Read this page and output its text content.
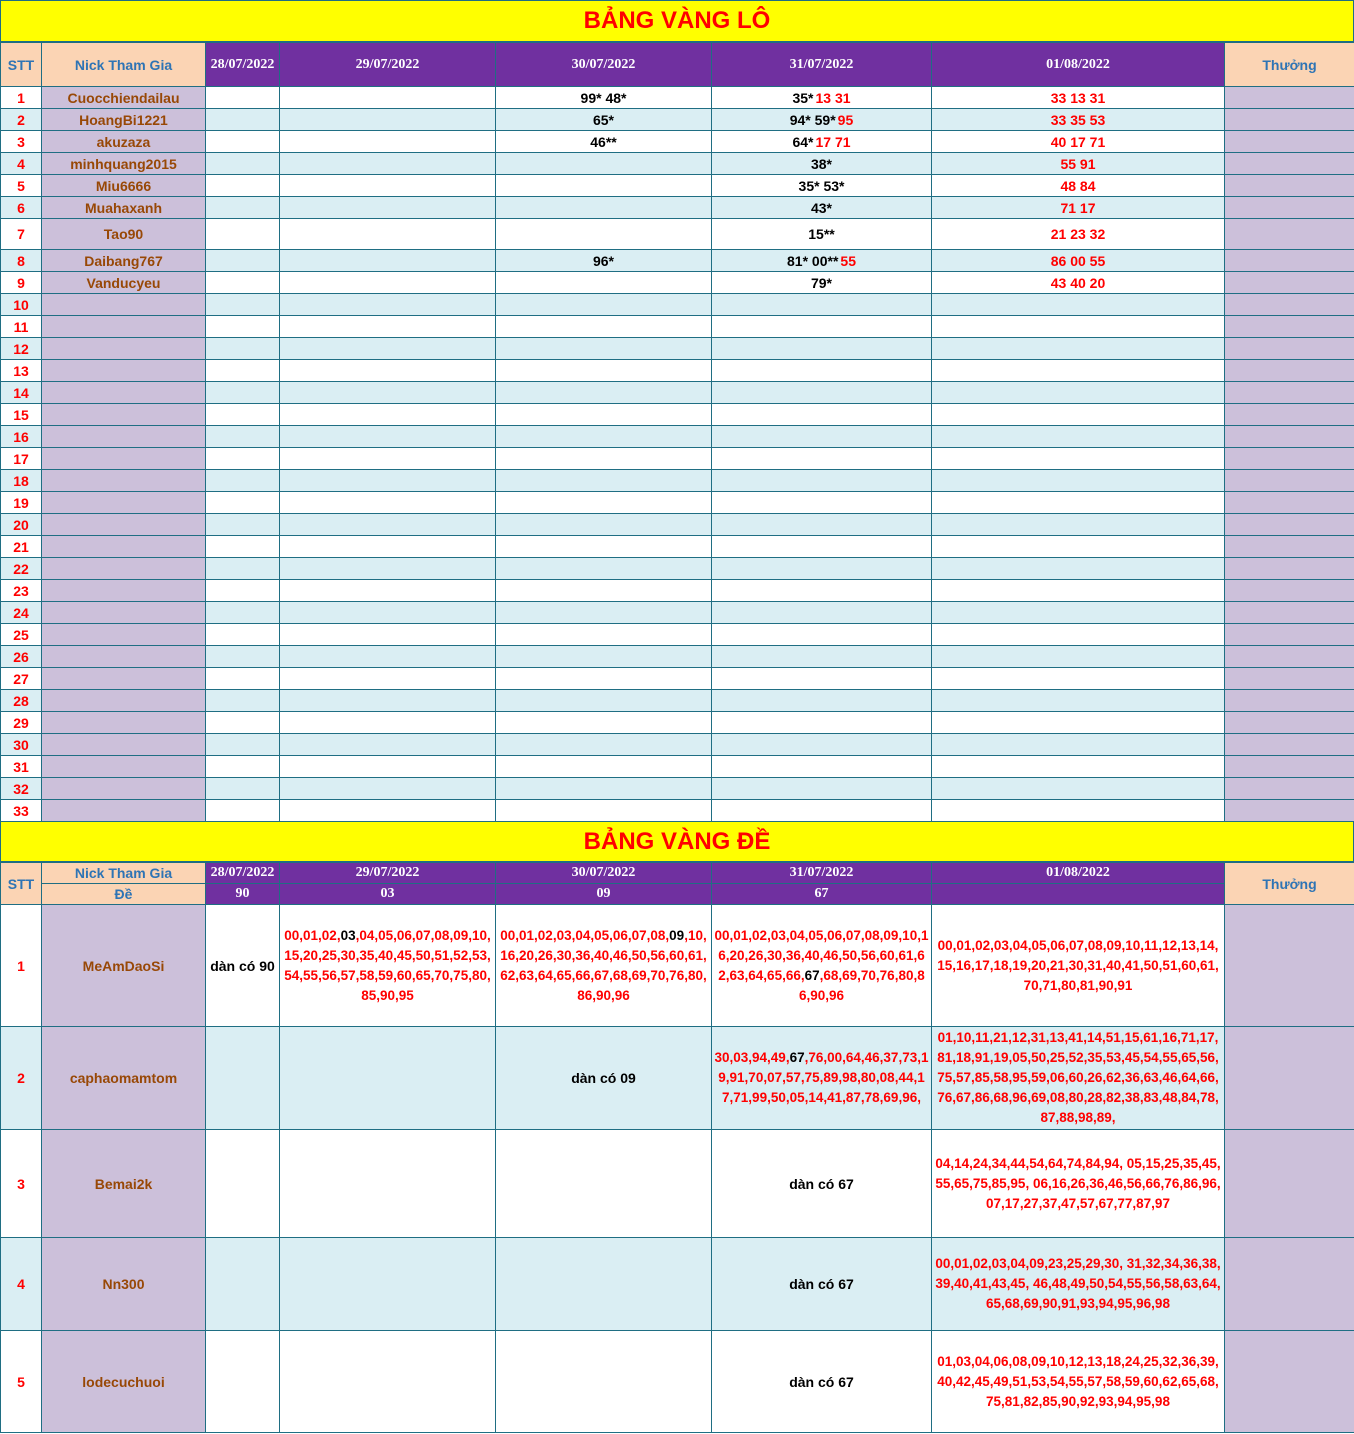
BẢNG VÀNG LÔ
STT	Nick Tham Gia	28/07/2022	29/07/2022	30/07/2022	31/07/2022	01/08/2022	Thưởng
1	Cuocchiendailau			99* 48*	35* 13 31	33 13 31	
2	HoangBi1221			65*	94* 59* 95	33 35 53	
3	akuzaza			46**	64* 17 71	40 17 71	
4	minhquang2015				38*	55 91	
5	Miu6666				35* 53*	48 84	
6	Muahaxanh				43*	71 17	
7	Tao90				15**	21 23 32	
8	Daibang767			96*	81* 00** 55	86 00 55	
9	Vanducyeu				79*	43 40 20	
10							
11							
12							
13							
14							
15							
16							
17							
18							
19							
20							
21							
22							
23							
24							
25							
26							
27							
28							
29							
30							
31							
32							
33							
BẢNG VÀNG ĐỀ
STT	Nick Tham Gia	28/07/2022	29/07/2022	30/07/2022	31/07/2022	01/08/2022	Thưởng
	Đề	90	03	09	67		
1	MeAmDaoSi	dàn có 90	00,01,02,03,04,05,06,07,08,09,10,15,20,25,30,35,40,45,50,51,52,53,54,55,56,57,58,59,60,65,70,75,80,85,90,95	00,01,02,03,04,05,06,07,08,09,10,16,20,26,30,36,40,46,50,56,60,61,62,63,64,65,66,67,68,69,70,76,80,86,90,96	00,01,02,03,04,05,06,07,08,09,10,16,20,26,30,36,40,46,50,56,60,61,62,63,64,65,66,67,68,69,70,76,80,86,90,96	00,01,02,03,04,05,06,07,08,09,10,11,12,13,14,15,16,17,18,19,20,21,30,31,40,41,50,51,60,61,70,71,80,81,90,91	

2	caphaomamtom			dàn có 09	30,03,94,49,67,76,00,64,46,37,73,19,91,70,07,57,75,89,98,80,08,44,17,71,99,50,05,14,41,87,78,69,96,	01,10,11,21,12,31,13,41,14,51,15,61,16,71,17,81,18,91,19,05,50,25,52,35,53,45,54,55,65,56,75,57,85,58,95,59,06,60,26,62,36,63,46,64,66,76,67,86,68,96,69,08,80,28,82,38,83,48,84,78,87,88,98,89,	

3	Bemai2k				dàn có 67	04,14,24,34,44,54,64,74,84,94, 05,15,25,35,45,55,65,75,85,95, 06,16,26,36,46,56,66,76,86,96, 07,17,27,37,47,57,67,77,87,97	

4	Nn300				dàn có 67	00,01,02,03,04,09,23,25,29,30, 31,32,34,36,38,39,40,41,43,45, 46,48,49,50,54,55,56,58,63,64, 65,68,69,90,91,93,94,95,96,98	

5	lodecuchuoi				dàn có 67	01,03,04,06,08,09,10,12,13,18,24,25,32,36,39,40,42,45,49,51,53,54,55,57,58,59,60,62,65,68,75,81,82,85,90,92,93,94,95,98	
